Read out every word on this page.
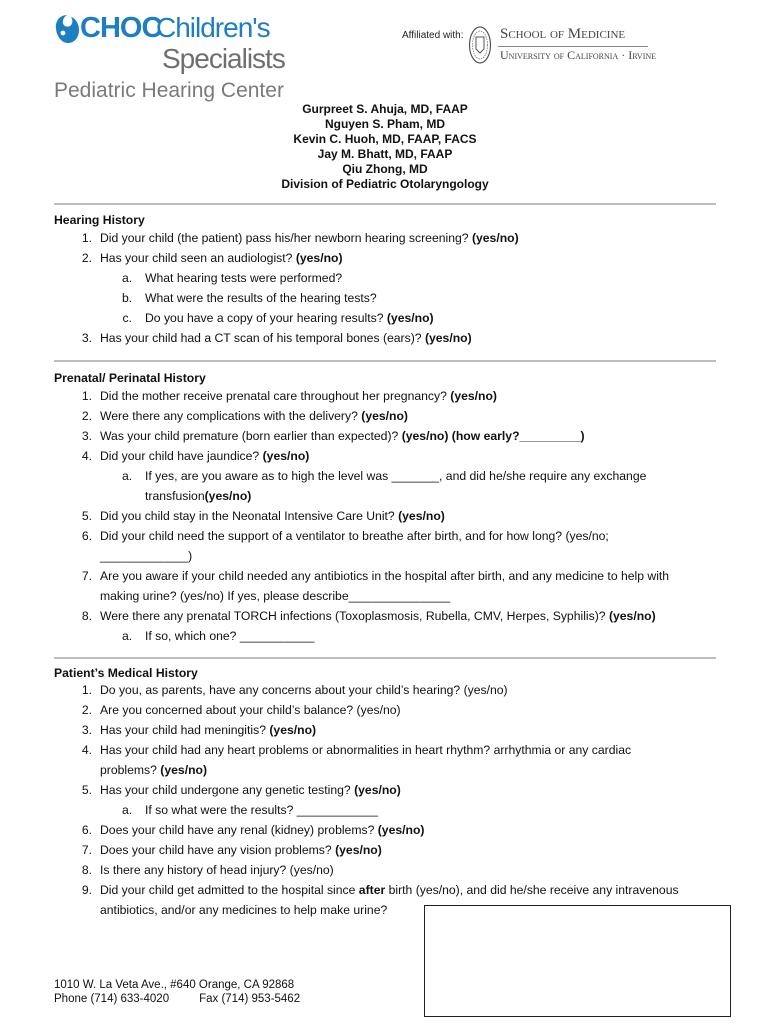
CHOC
Children's
Specialists
Pediatric Hearing Center
Affiliated with: School of Medicine
University of California · Irvine
Gurpreet S. Ahuja, MD, FAAP
Nguyen S. Pham, MD
Kevin C. Huoh, MD, FAAP, FACS
Jay M. Bhatt, MD, FAAP
Qiu Zhong, MD
Division of Pediatric Otolaryngology
Hearing History
1. Did your child (the patient) pass his/her newborn hearing screening? (yes/no)
2. Has your child seen an audiologist? (yes/no)
a. What hearing tests were performed?
b. What were the results of the hearing tests?
c. Do you have a copy of your hearing results? (yes/no)
3. Has your child had a CT scan of his temporal bones (ears)? (yes/no)
Prenatal/ Perinatal History
1. Did the mother receive prenatal care throughout her pregnancy? (yes/no)
2. Were there any complications with the delivery? (yes/no)
3. Was your child premature (born earlier than expected)? (yes/no) (how early?_________)
4. Did your child have jaundice? (yes/no)
a. If yes, are you aware as to high the level was _______, and did he/she require any exchange
transfusion(yes/no)
5. Did you child stay in the Neonatal Intensive Care Unit? (yes/no)
6. Did your child need the support of a ventilator to breathe after birth, and for how long? (yes/no;
_____________)
7. Are you aware if your child needed any antibiotics in the hospital after birth, and any medicine to help with
making urine? (yes/no) If yes, please describe_______________
8. Were there any prenatal TORCH infections (Toxoplasmosis, Rubella, CMV, Herpes, Syphilis)? (yes/no)
a. If so, which one? ___________
Patient’s Medical History
1. Do you, as parents, have any concerns about your child’s hearing? (yes/no)
2. Are you concerned about your child’s balance? (yes/no)
3. Has your child had meningitis? (yes/no)
4. Has your child had any heart problems or abnormalities in heart rhythm? arrhythmia or any cardiac
problems? (yes/no)
5. Has your child undergone any genetic testing? (yes/no)
a. If so what were the results? ____________
6. Does your child have any renal (kidney) problems? (yes/no)
7. Does your child have any vision problems? (yes/no)
8. Is there any history of head injury? (yes/no)
9. Did your child get admitted to the hospital since after birth (yes/no), and did he/she receive any intravenous
antibiotics, and/or any medicines to help make urine?
1010 W. La Veta Ave., #640 Orange, CA 92868
Phone (714) 633-4020	Fax (714) 953-5462
